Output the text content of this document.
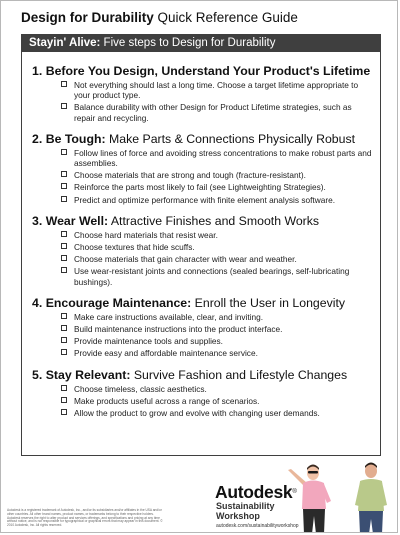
Design for Durability Quick Reference Guide
Stayin' Alive: Five steps to Design for Durability
1. Before You Design, Understand Your Product's Lifetime
Not everything should last a long time. Choose a target lifetime appropriate to your product type.
Balance durability with other Design for Product Lifetime strategies, such as repair and recycling.
2. Be Tough: Make Parts & Connections Physically Robust
Follow lines of force and avoiding stress concentrations to make robust parts and assemblies.
Choose materials that are strong and tough (fracture-resistant).
Reinforce the parts most likely to fail (see Lightweighting Strategies).
Predict and optimize performance with finite element analysis software.
3. Wear Well: Attractive Finishes and Smooth Works
Choose hard materials that resist wear.
Choose textures that hide scuffs.
Choose materials that gain character with wear and weather.
Use wear-resistant joints and connections (sealed bearings, self-lubricating bushings).
4. Encourage Maintenance: Enroll the User in Longevity
Make care instructions available, clear, and inviting.
Build maintenance instructions into the product interface.
Provide maintenance tools and supplies.
Provide easy and affordable maintenance service.
5. Stay Relevant: Survive Fashion and Lifestyle Changes
Choose timeless, classic aesthetics.
Make products useful across a range of scenarios.
Allow the product to grow and evolve with changing user demands.
Autodesk is a registered trademark of Autodesk, Inc., and/or its subsidiaries and/or affiliates in the USA and/or other countries. All other brand names, product names, or trademarks belong to their respective holders. Autodesk reserves the right to alter product and services offerings, and specifications and pricing at any time without notice, and is not responsible for typographical or graphical errors that may appear in this document. © 2010 Autodesk, Inc. All rights reserved.
Autodesk®
Sustainability
Workshop
autodesk.com/sustainabilityworkshop
